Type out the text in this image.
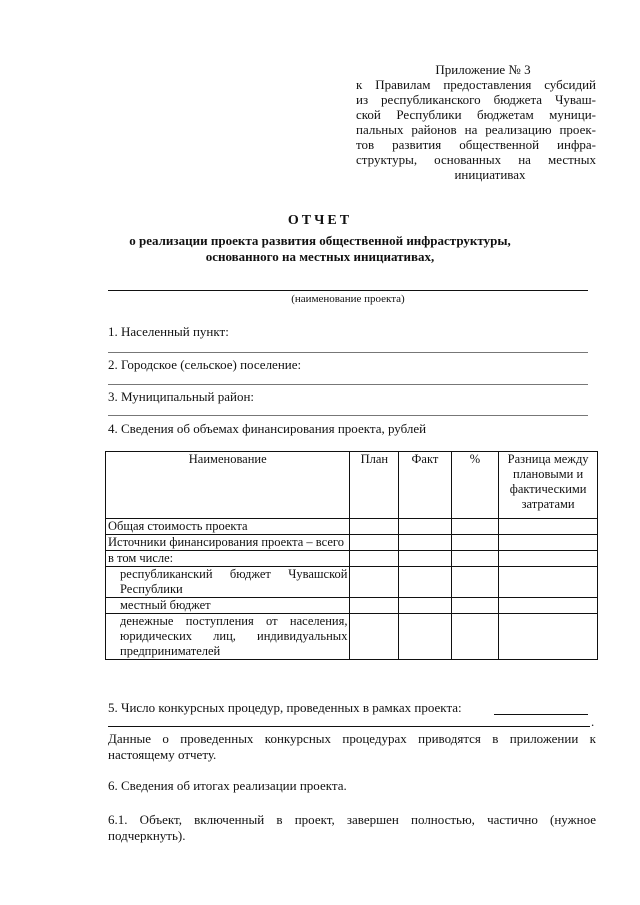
Приложение № 3
к Правилам предоставления субсидий
из республиканского бюджета Чуваш-
ской Республики бюджетам муници-
пальных районов на реализацию проек-
тов развития общественной инфра-
структуры, основанных на местных
инициативах
ОТЧЕТ
о реализации проекта развития общественной инфраструктуры,
основанного на местных инициативах,
(наименование проекта)
1. Населенный пункт:
2. Городское (сельское) поселение:
3. Муниципальный район:
4. Сведения об объемах финансирования проекта, рублей
Наименование	План	Факт	%	Разница между плановыми и фактическими затратами
Общая стоимость проекта				
Источники финансирования проекта – всего				
в том числе:				
республиканский бюджет Чувашской Республики				
местный бюджет				
денежные поступления от населения, юридических лиц, индивидуальных предпринимателей				
5. Число конкурсных процедур, проведенных в рамках проекта:
.
Данные о проведенных конкурсных процедурах приводятся в приложении к настоящему отчету.
6. Сведения об итогах реализации проекта.
6.1. Объект, включенный в проект, завершен полностью, частично (нужное подчеркнуть).
